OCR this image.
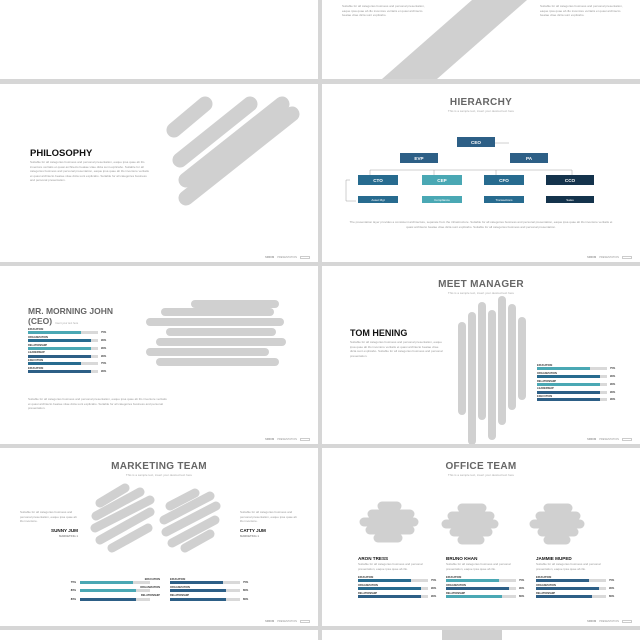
Suitable for all categories business and personal presentation, eaque ipsa quae ab illo inventore veritatis et quasi architecto beatae vitae dicta sunt explicabo.
Suitable for all categories business and personal presentation, eaque ipsa quae ab illo inventore veritatis et quasi architecto beatae vitae dicta sunt explicabo.
PHILOSOPHY
Suitable for all categories business and personal presentation, eaque ipsa quae ab illo inventore veritatis et quasi architecto beatae vitae dicta sunt explicabo. Suitable for all categories business and personal presentation, eaque ipsa quae ab illo inventore veritatis et quasi architecto beatae vitae dicta sunt explicabo. Suitable for all categories business and personal presentation.
SIDIUM PRESENTATION
HIERARCHY
This is a sample text, insert your desired text here
CEO
EVP	PA
CTO	CEP	CFO	CCO
Asset Mgt	Compliance	Transactions	Sales
The presentation layer provides a consistent architecture, separate from the infrastructure. Suitable for all categories business and personal presentation, eaque ipsa quae ab illo inventore veritatis et quasi architecto beatae vitae dicta sunt explicabo. Suitable for all categories business and personal presentation.
SIDIUM PRESENTATION
MR. MORNING JOHN
(CEO) Insert your text here
EDUCATION
75%
ORGANIZATION
90%
RELATIONSHIP
90%
LEADERSHIP
90%
EXECUTION
75%
EDUCATION
90%
Suitable for all categories business and personal presentation, eaque ipsa quae ab illo inventore veritatis et quasi architecto beatae vitae dicta sunt explicabo. Suitable for all categories business and personal presentation.
SIDIUM PRESENTATION
MEET MANAGER
This is a sample text, insert your desired text here
TOM HENING
Suitable for all categories business and personal presentation, eaque ipsa quae ab illo inventore veritatis et quasi architecto beatae vitae dicta sunt explicabo. Suitable for all categories business and personal presentation.
EDUCATION
75%
ORGANIZATION
90%
RELATIONSHIP
90%
LEADERSHIP
90%
EXECUTION
90%
SIDIUM PRESENTATION
MARKETING TEAM
This is a sample text, insert your desired text here
Suitable for all categories business and personal presentation, eaque ipsa quae ab illo inventore.
SUNNY JUM
MARKETING 1
Suitable for all categories business and personal presentation, eaque ipsa quae ab illo inventore.
CATTY JUM
MARKETING 1
EDUCATION
75%
ORGANIZATION
80%
RELATIONSHIP
80%
EDUCATION
75%
ORGANIZATION
80%
RELATIONSHIP
80%
SIDIUM PRESENTATION
OFFICE TEAM
This is a sample text, insert your desired text here
ARON TRESS
Suitable for all categories business and personal presentation, eaque ipsa quae ab illo.
BRUNO KHAN
Suitable for all categories business and personal presentation, eaque ipsa quae ab illo.
JAMMIE MUPED
Suitable for all categories business and personal presentation, eaque ipsa quae ab illo.
EDUCATION
75%
ORGANIZATION
90%
RELATIONSHIP
90%
EDUCATION
75%
ORGANIZATION
90%
RELATIONSHIP
80%
EDUCATION
75%
ORGANIZATION
90%
RELATIONSHIP
80%
SIDIUM PRESENTATION
